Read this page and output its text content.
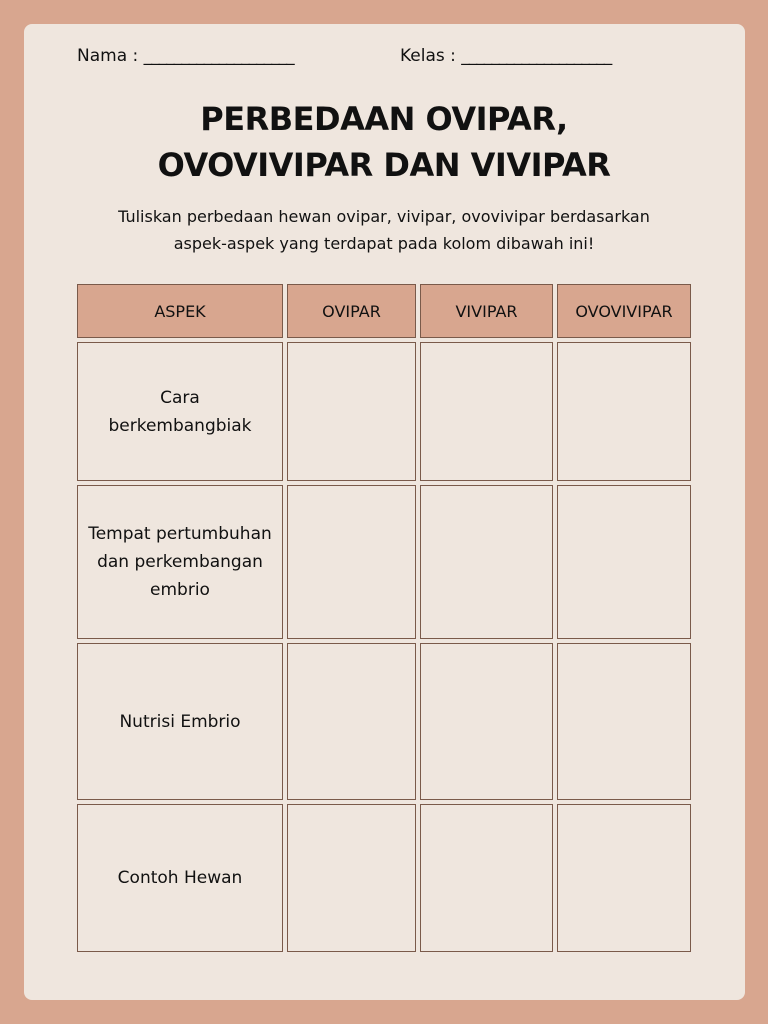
Nama : ____________________	Kelas : ____________________
PERBEDAAN OVIPAR,
OVOVIVIPAR DAN VIVIPAR

Tuliskan perbedaan hewan ovipar, vivipar, ovovivipar berdasarkan
aspek-aspek yang terdapat pada kolom dibawah ini!

ASPEK	OVIPAR	VIVIPAR	OVOVIVIPAR
Cara berkembangbiak
Tempat pertumbuhan dan perkembangan embrio
Nutrisi Embrio
Contoh Hewan
